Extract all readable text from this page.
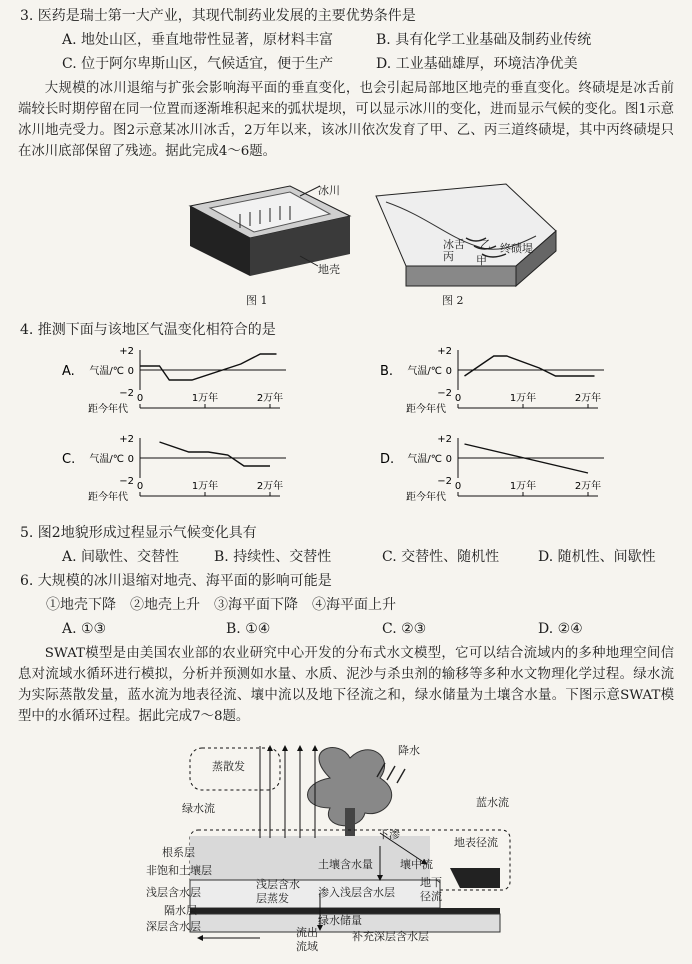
3. 医药是瑞士第一大产业，其现代制药业发展的主要优势条件是
A. 地处山区，垂直地带性显著，原材料丰富	B. 具有化学工业基础及制药业传统
C. 位于阿尔卑斯山区，气候适宜，便于生产	D. 工业基础雄厚，环境洁净优美
大规模的冰川退缩与扩张会影响海平面的垂直变化，也会引起局部地区地壳的垂直变化。终碛堤是冰舌前端较长时期停留在同一位置而逐渐堆积起来的弧状堤坝，可以显示冰川的变化，进而显示气候的变化。图1示意冰川地壳受力。图2示意某冰川冰舌，2万年以来，该冰川依次发育了甲、乙、丙三道终碛堤，其中丙终碛堤只在冰川底部保留了残迹。据此完成4～6题。
冰川
地壳
图 1
冰舌
丙
乙 终碛堤
甲
图 2
4. 推测下面与该地区气温变化相符合的是
+2
0
−2
气温/℃
距今年代
0	1万年	2万年
A.
+2
0
−2
气温/℃
距今年代
0	1万年	2万年
B.
+2
0
−2
气温/℃
距今年代
0	1万年	2万年
C.
+2
0
−2
气温/℃
距今年代
0	1万年	2万年
D.
5. 图2地貌形成过程显示气候变化具有
A. 间歇性、交替性 B. 持续性、交替性	C. 交替性、随机性	D. 随机性、间歇性
6. 大规模的冰川退缩对地壳、海平面的影响可能是
①地壳下降　②地壳上升　③海平面下降　④海平面上升
A. ①③	B. ①④	C. ②③	D. ②④
SWAT模型是由美国农业部的农业研究中心开发的分布式水文模型，它可以结合流域内的多种地理空间信息对流域水循环进行模拟，分析并预测如水量、水质、泥沙与杀虫剂的输移等多种水文物理化学过程。绿水流为实际蒸散发量，蓝水流为地表径流、壤中流以及地下径流之和，绿水储量为土壤含水量。下图示意SWAT模型中的水循环过程。据此完成7～8题。
蒸散发
绿水流
降水
蓝水流
下渗
地表径流
根系层
非饱和土壤层
浅层含水层
隔水层
深层含水层
土壤含水量 壤中流
浅层含水
层蒸发	渗入浅层含水层
地下
径流
绿水储量
流出
流域
补充深层含水层
